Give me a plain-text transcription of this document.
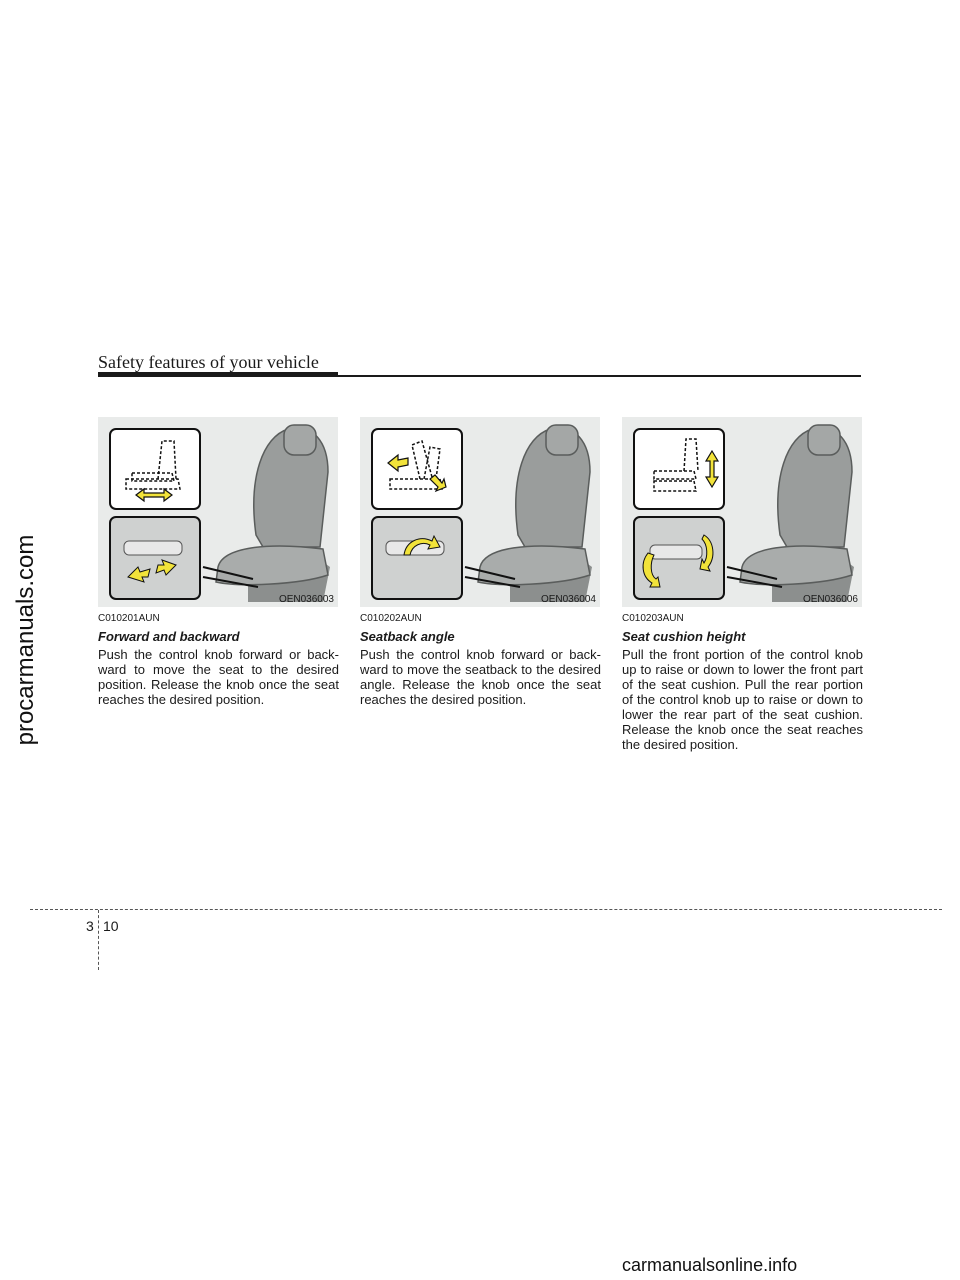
Safety features of your vehicle
procarmanuals.com	OEN036003	OEN036004	OEN036006
C010201AUN
Forward and backward
Push the control knob forward or back-ward to move the seat to the desired position. Release the knob once the seat reaches the desired position.
C010202AUN
Seatback angle
Push the control knob forward or back-ward to move the seatback to the desired angle. Release the knob once the seat reaches the desired position.
C010203AUN
Seat cushion height
Pull the front portion of the control knob up to raise or down to lower the front part of the seat cushion. Pull the rear portion of the control knob up to raise or down to lower the rear part of the seat cushion. Release the knob once the seat reaches the desired position.
3 10
carmanualsonline.info
